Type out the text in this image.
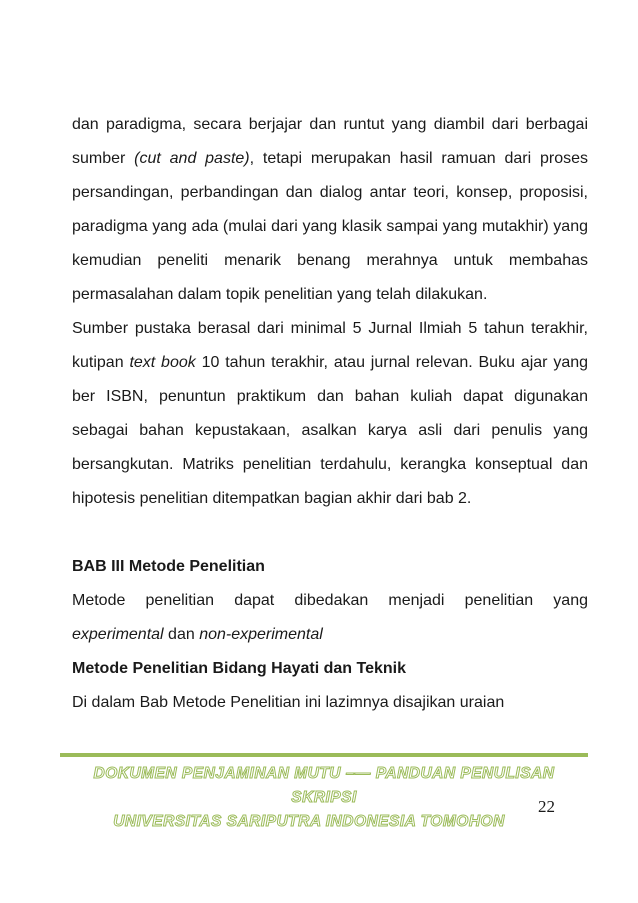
dan paradigma, secara berjajar dan runtut yang diambil dari berbagai sumber (cut and paste), tetapi merupakan hasil ramuan dari proses persandingan, perbandingan dan dialog antar teori, konsep, proposisi, paradigma yang ada (mulai dari yang klasik sampai yang mutakhir) yang kemudian peneliti menarik benang merahnya untuk membahas permasalahan dalam topik penelitian yang telah dilakukan.

Sumber pustaka berasal dari minimal 5 Jurnal Ilmiah 5 tahun terakhir, kutipan text book 10 tahun terakhir, atau jurnal relevan. Buku ajar yang ber ISBN, penuntun praktikum dan bahan kuliah dapat digunakan sebagai bahan kepustakaan, asalkan karya asli dari penulis yang bersangkutan. Matriks penelitian terdahulu, kerangka konseptual dan hipotesis penelitian ditempatkan bagian akhir dari bab 2.

BAB III Metode Penelitian

Metode penelitian dapat dibedakan menjadi penelitian yang experimental dan non-experimental

Metode Penelitian Bidang Hayati dan Teknik

Di dalam Bab Metode Penelitian ini lazimnya disajikan uraian

DOKUMEN PENJAMINAN MUTU –— PANDUAN PENULISAN SKRIPSI
UNIVERSITAS SARIPUTRA INDONESIA TOMOHON
22
